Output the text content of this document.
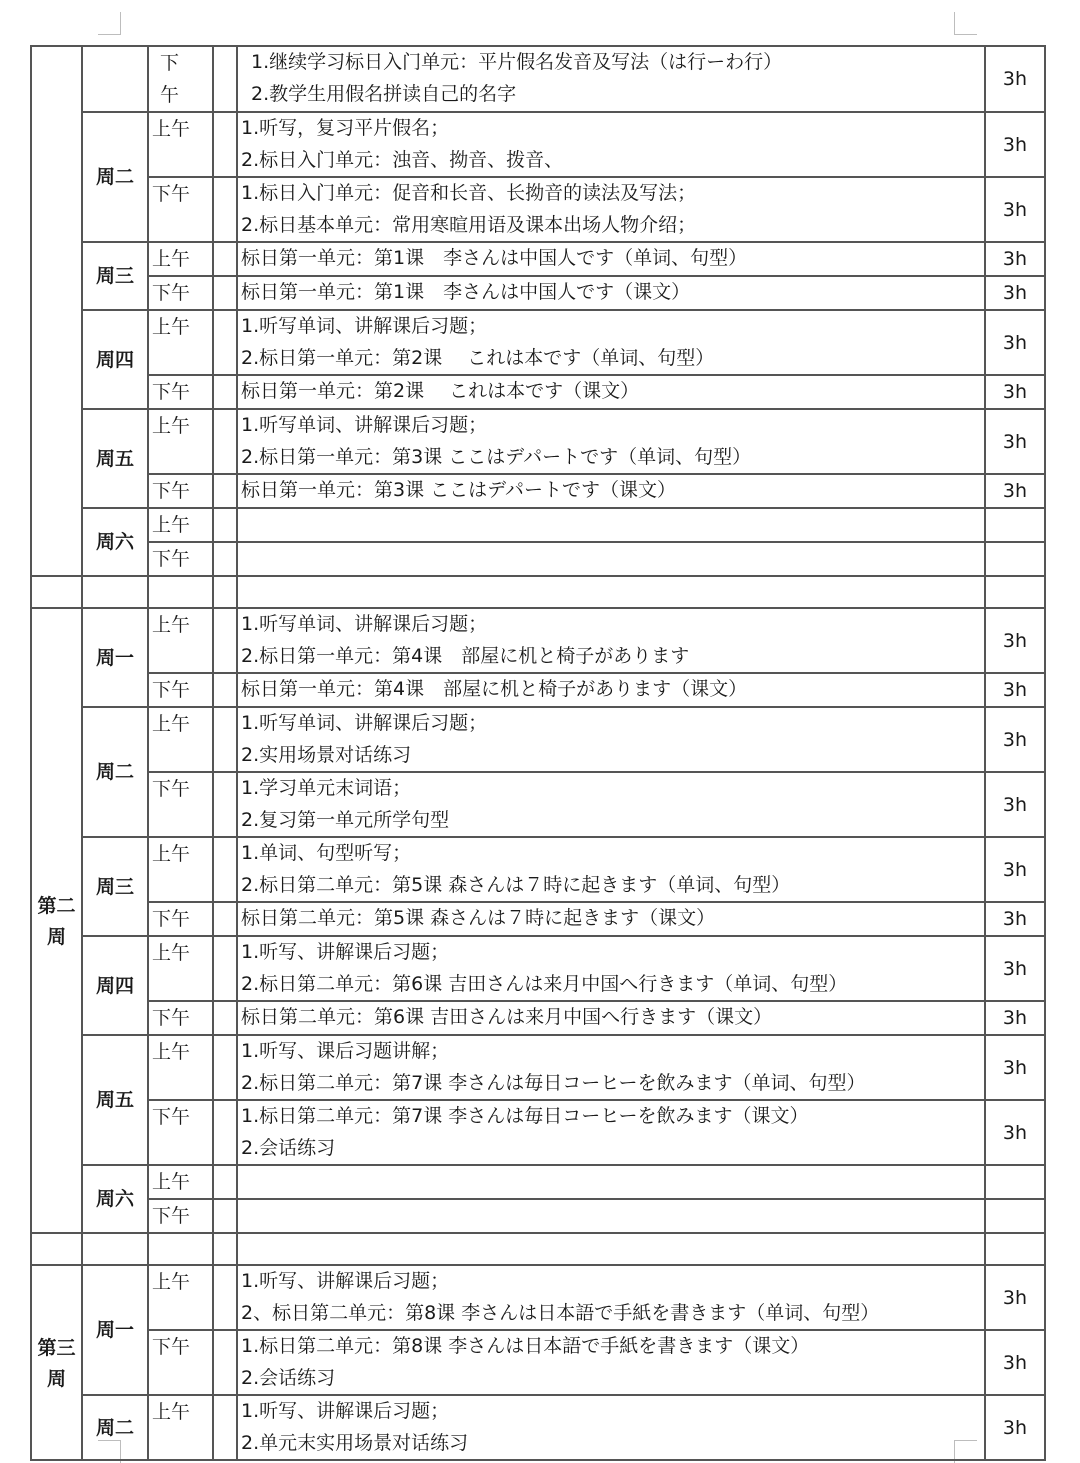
		下午		1.继续学习标日入门单元：平片假名发音及写法（は行ーわ行）
2.教学生用假名拼读自己的名字	3h
	周二	上午		1.听写，复习平片假名；
2.标日入门单元：浊音、拗音、拨音、	3h
		下午		1.标日入门单元：促音和长音、长拗音的读法及写法；
2.标日基本单元：常用寒暄用语及课本出场人物介绍；	3h
	周三	上午		标日第一单元：第1课　李さんは中国人です（单词、句型）	3h
		下午		标日第一单元：第1课　李さんは中国人です（课文）	3h
	周四	上午		1.听写单词、讲解课后习题；
2.标日第一单元：第2课　 これは本です（单词、句型）	3h
		下午		标日第一单元：第2课　 これは本です（课文）	3h
	周五	上午		1.听写单词、讲解课后习题；
2.标日第一单元：第3课 ここはデパートです（单词、句型）	3h
		下午		标日第一单元：第3课 ここはデパートです（课文）	3h
	周六	上午			
		下午			

第二周	周一	上午		1.听写单词、讲解课后习题；
2.标日第一单元：第4课　部屋に机と椅子があります	3h
		下午		标日第一单元：第4课　部屋に机と椅子があります（课文）	3h
	周二	上午		1.听写单词、讲解课后习题；
2.实用场景对话练习	3h
		下午		1.学习单元末词语；
2.复习第一单元所学句型	3h
	周三	上午		1.单词、句型听写；
2.标日第二单元：第5课 森さんは７時に起きます（单词、句型）	3h
		下午		标日第二单元：第5课 森さんは７時に起きます（课文）	3h
	周四	上午		1.听写、讲解课后习题；
2.标日第二单元：第6课 吉田さんは来月中国へ行きます（单词、句型）	3h
		下午		标日第二单元：第6课 吉田さんは来月中国へ行きます（课文）	3h
	周五	上午		1.听写、课后习题讲解；
2.标日第二单元：第7课 李さんは毎日コーヒーを飲みます（单词、句型）	3h
		下午		1.标日第二单元：第7课 李さんは毎日コーヒーを飲みます（课文）
2.会话练习	3h
	周六	上午			
		下午			

第三周	周一	上午		1.听写、讲解课后习题；
2、标日第二单元：第8课 李さんは日本語で手紙を書きます（单词、句型）	3h
		下午		1.标日第二单元：第8课 李さんは日本語で手紙を書きます（课文）
2.会话练习	3h
	周二	上午		1.听写、讲解课后习题；
2.单元末实用场景对话练习	3h
